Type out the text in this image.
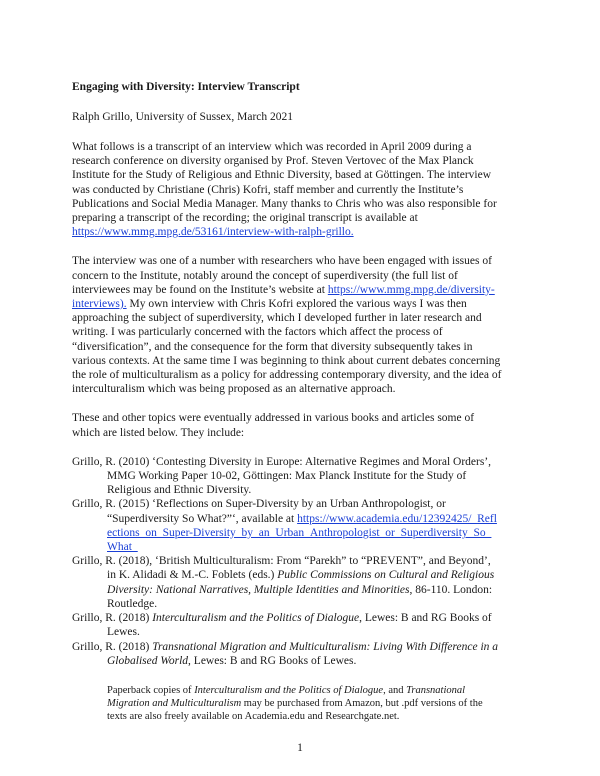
Engaging with Diversity: Interview Transcript
Ralph Grillo, University of Sussex, March 2021

What follows is a transcript of an interview which was recorded in April 2009 during a research conference on diversity organised by Prof. Steven Vertovec of the Max Planck Institute for the Study of Religious and Ethnic Diversity, based at Göttingen. The interview was conducted by Christiane (Chris) Kofri, staff member and currently the Institute’s Publications and Social Media Manager. Many thanks to Chris who was also responsible for preparing a transcript of the recording; the original transcript is available at https://www.mmg.mpg.de/53161/interview-with-ralph-grillo.

The interview was one of a number with researchers who have been engaged with issues of concern to the Institute, notably around the concept of superdiversity (the full list of interviewees may be found on the Institute’s website at https://www.mmg.mpg.de/diversity-interviews). My own interview with Chris Kofri explored the various ways I was then approaching the subject of superdiversity, which I developed further in later research and writing. I was particularly concerned with the factors which affect the process of “diversification”, and the consequence for the form that diversity subsequently takes in various contexts. At the same time I was beginning to think about current debates concerning the role of multiculturalism as a policy for addressing contemporary diversity, and the idea of interculturalism which was being proposed as an alternative approach.

These and other topics were eventually addressed in various books and articles some of which are listed below. They include:

Grillo, R. (2010) ‘Contesting Diversity in Europe: Alternative Regimes and Moral Orders’, MMG Working Paper 10-02, Göttingen: Max Planck Institute for the Study of Religious and Ethnic Diversity.

Grillo, R. (2015) ‘Reflections on Super-Diversity by an Urban Anthropologist, or “Superdiversity So What?”‘, available at https://www.academia.edu/12392425/_Reflections_on_Super-Diversity_by_an_Urban_Anthropologist_or_Superdiversity_So_What_

Grillo, R. (2018), ‘British Multiculturalism: From “Parekh” to “PREVENT”, and Beyond’, in K. Alidadi & M.-C. Foblets (eds.) Public Commissions on Cultural and Religious Diversity: National Narratives, Multiple Identities and Minorities, 86-110. London: Routledge.

Grillo, R. (2018) Interculturalism and the Politics of Dialogue, Lewes: B and RG Books of Lewes.

Grillo, R. (2018) Transnational Migration and Multiculturalism: Living With Difference in a Globalised World, Lewes: B and RG Books of Lewes.

Paperback copies of Interculturalism and the Politics of Dialogue, and Transnational Migration and Multiculturalism may be purchased from Amazon, but .pdf versions of the texts are also freely available on Academia.edu and Researchgate.net.

1
